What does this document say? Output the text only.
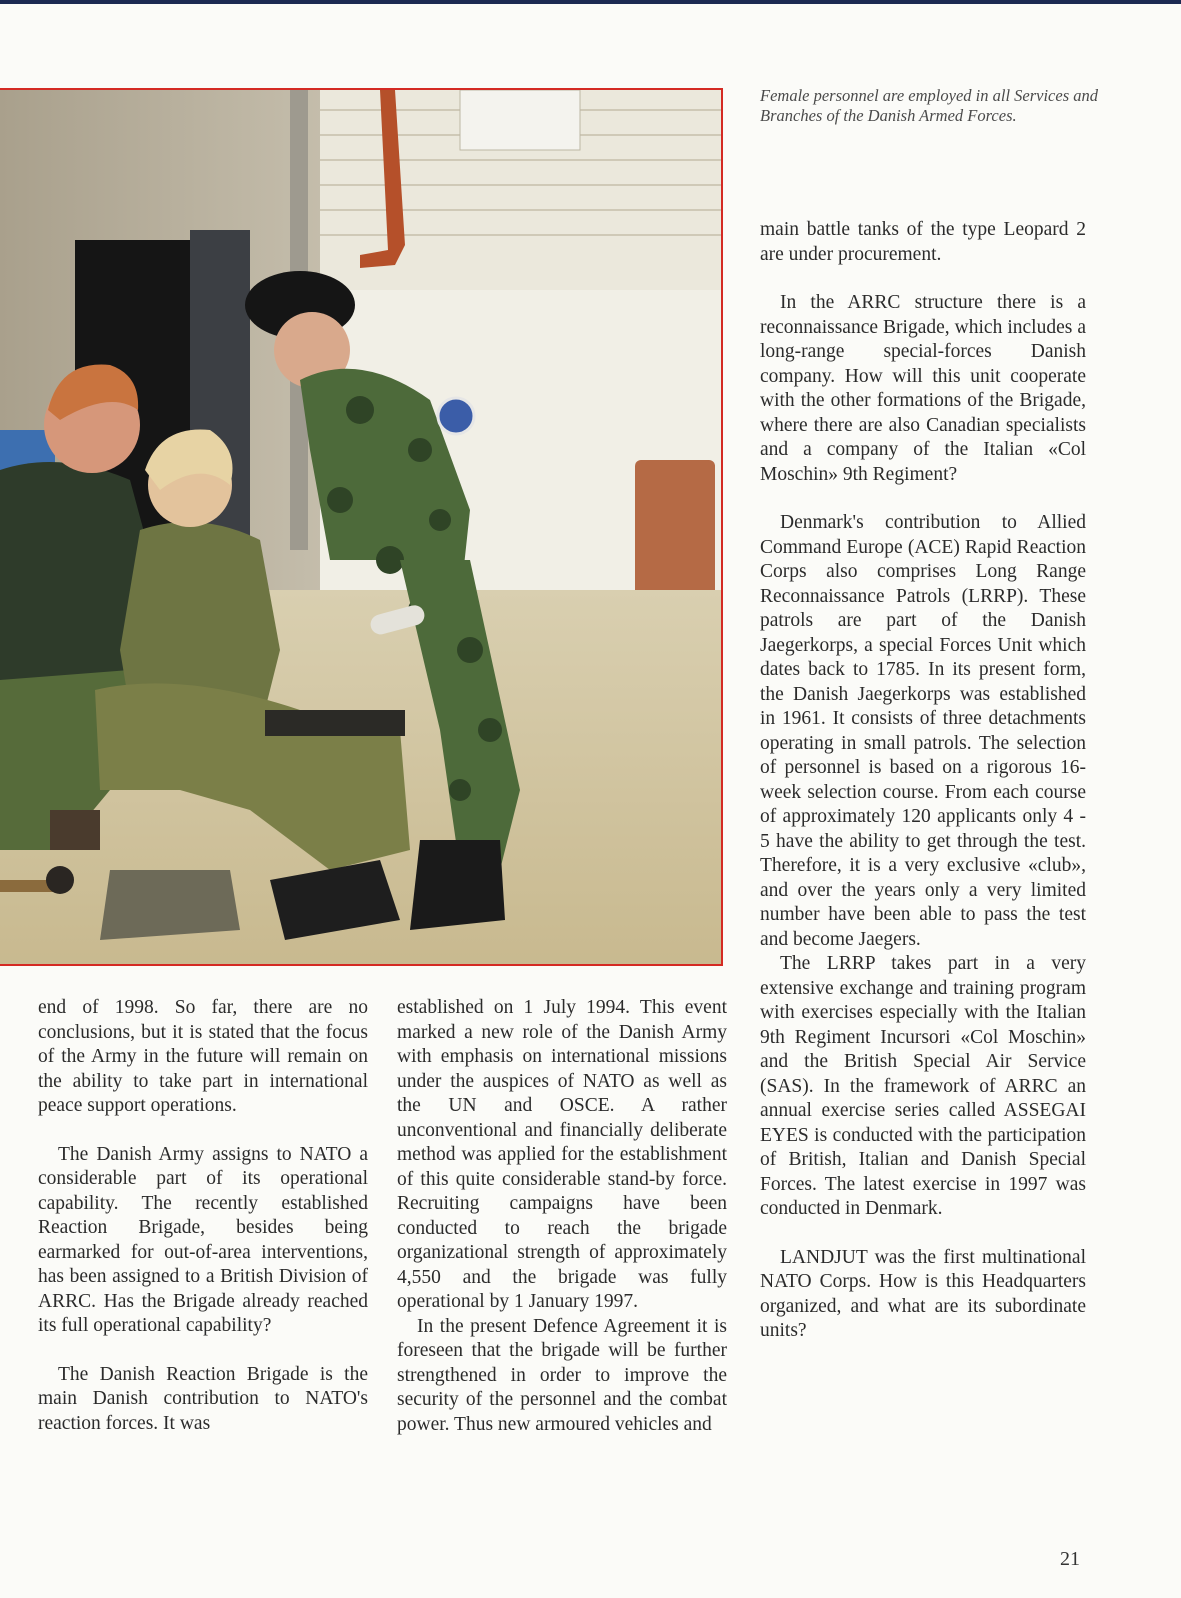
Female personnel are employed in all Services and Branches of the Danish Armed Forces.

end of 1998. So far, there are no conclusions, but it is stated that the focus of the Army in the future will remain on the ability to take part in international peace support operations.

The Danish Army assigns to NATO a considerable part of its operational capability. The recently established Reaction Brigade, besides being earmarked for out-of-area interventions, has been assigned to a British Division of ARRC. Has the Brigade already reached its full operational capability?

The Danish Reaction Brigade is the main Danish contribution to NATO's reaction forces. It was

established on 1 July 1994. This event marked a new role of the Danish Army with emphasis on international missions under the auspices of NATO as well as the UN and OSCE. A rather unconventional and financially deliberate method was applied for the establishment of this quite considerable stand-by force. Recruiting campaigns have been conducted to reach the brigade organizational strength of approximately 4,550 and the brigade was fully operational by 1 January 1997.

In the present Defence Agreement it is foreseen that the brigade will be further strengthened in order to improve the security of the personnel and the combat power. Thus new armoured vehicles and

main battle tanks of the type Leopard 2 are under procurement.

In the ARRC structure there is a reconnaissance Brigade, which includes a long-range special-forces Danish company. How will this unit cooperate with the other formations of the Brigade, where there are also Canadian specialists and a company of the Italian «Col Moschin» 9th Regiment?

Denmark's contribution to Allied Command Europe (ACE) Rapid Reaction Corps also comprises Long Range Reconnaissance Patrols (LRRP). These patrols are part of the Danish Jaegerkorps, a special Forces Unit which dates back to 1785. In its present form, the Danish Jaegerkorps was established in 1961. It consists of three detachments operating in small patrols. The selection of personnel is based on a rigorous 16-week selection course. From each course of approximately 120 applicants only 4 - 5 have the ability to get through the test. Therefore, it is a very exclusive «club», and over the years only a very limited number have been able to pass the test and become Jaegers.

The LRRP takes part in a very extensive exchange and training program with exercises especially with the Italian 9th Regiment Incursori «Col Moschin» and the British Special Air Service (SAS). In the framework of ARRC an annual exercise series called ASSEGAI EYES is conducted with the participation of British, Italian and Danish Special Forces. The latest exercise in 1997 was conducted in Denmark.

LANDJUT was the first multinational NATO Corps. How is this Headquarters organized, and what are its subordinate units?

21
